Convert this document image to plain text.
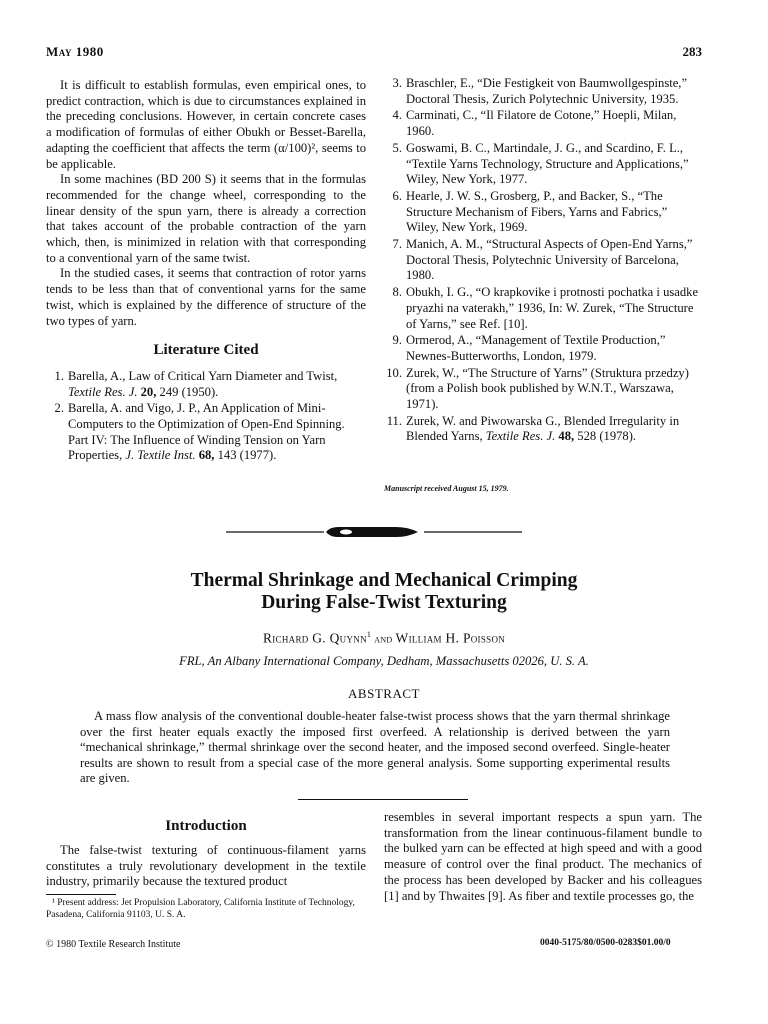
May 1980	283

It is difficult to establish formulas, even empirical ones, to predict contraction, which is due to circumstances explained in the preceding conclusions. However, in certain concrete cases a modification of formulas of either Obukh or Besset-Barella, adapting the coefficient that affects the term (α/100)², seems to be applicable.

In some machines (BD 200 S) it seems that in the formulas recommended for the change wheel, corresponding to the linear density of the spun yarn, there is already a correction that takes account of the probable contraction of the yarn which, then, is minimized in relation with that corresponding to a conventional yarn of the same twist.

In the studied cases, it seems that contraction of rotor yarns tends to be less than that of conventional yarns for the same twist, which is explained by the difference of structure of the two types of yarn.

Literature Cited
1. Barella, A., Law of Critical Yarn Diameter and Twist, Textile Res. J. 20, 249 (1950).
2. Barella, A. and Vigo, J. P., An Application of Mini-Computers to the Optimization of Open-End Spinning. Part IV: The Influence of Winding Tension on Yarn Properties, J. Textile Inst. 68, 143 (1977).
3. Braschler, E., “Die Festigkeit von Baumwollgespinste,” Doctoral Thesis, Zurich Polytechnic University, 1935.
4. Carminati, C., “Il Filatore de Cotone,” Hoepli, Milan, 1960.
5. Goswami, B. C., Martindale, J. G., and Scardino, F. L., “Textile Yarns Technology, Structure and Applications,” Wiley, New York, 1977.
6. Hearle, J. W. S., Grosberg, P., and Backer, S., “The Structure Mechanism of Fibers, Yarns and Fabrics,” Wiley, New York, 1969.
7. Manich, A. M., “Structural Aspects of Open-End Yarns,” Doctoral Thesis, Polytechnic University of Barcelona, 1980.
8. Obukh, I. G., “O krapkovike i protnosti pochatka i usadke pryazhi na vaterakh,” 1936, In: W. Zurek, “The Structure of Yarns,” see Ref. [10].
9. Ormerod, A., “Management of Textile Production,” Newnes-Butterworths, London, 1979.
10. Zurek, W., “The Structure of Yarns” (Struktura przedzy) (from a Polish book published by W.N.T., Warszawa, 1971).
11. Zurek, W. and Piwowarska G., Blended Irregularity in Blended Yarns, Textile Res. J. 48, 528 (1978).
Manuscript received August 15, 1979.
Thermal Shrinkage and Mechanical Crimping
During False-Twist Texturing
Richard G. Quynn$^1$ and William H. Poisson
FRL, An Albany International Company, Dedham, Massachusetts 02026, U. S. A.
ABSTRACT
A mass flow analysis of the conventional double-heater false-twist process shows that the yarn thermal shrinkage over the first heater equals exactly the imposed first overfeed. A relationship is derived between the yarn “mechanical shrinkage,” thermal shrinkage over the second heater, and the imposed second overfeed. Single-heater results are shown to result from a special case of the more general analysis. Some supporting experimental results are given.
Introduction
The false-twist texturing of continuous-filament yarns constitutes a truly revolutionary development in the textile industry, primarily because the textured product
¹ Present address: Jet Propulsion Laboratory, California Institute of Technology, Pasadena, California 91103, U. S. A.
resembles in several important respects a spun yarn. The transformation from the linear continuous-filament bundle to the bulked yarn can be effected at high speed and with a good measure of control over the final product. The mechanics of the process has been developed by Backer and his colleagues [1] and by Thwaites [9]. As fiber and textile processes go, the
© 1980 Textile Research Institute	0040-5175/80/0500-0283$01.00/0
